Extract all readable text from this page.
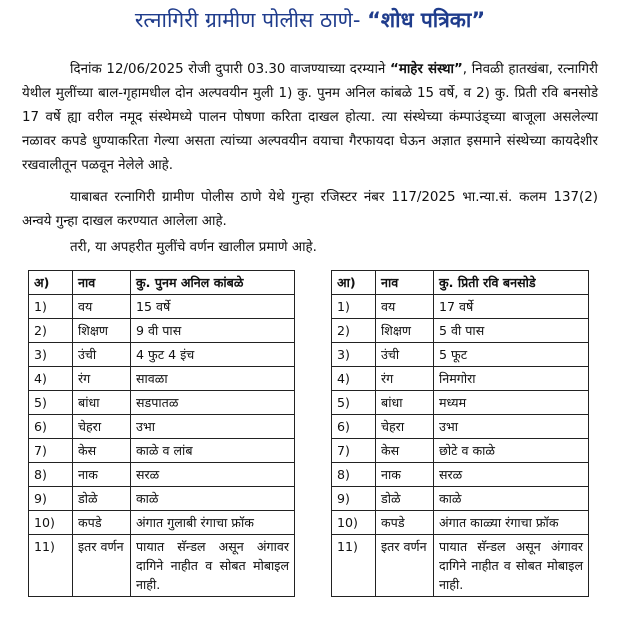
रत्नागिरी ग्रामीण पोलीस ठाणे- “शोध पत्रिका”

दिनांक 12/06/2025 रोजी दुपारी 03.30 वाजण्याच्या दरम्याने “माहेर संस्था”, निवळी हातखंबा, रत्नागिरी येथील मुलींच्या बाल-गृहामधील दोन अल्पवयीन मुली 1) कु. पुनम अनिल कांबळे 15 वर्षे, व 2) कु. प्रिती रवि बनसोडे 17 वर्षे ह्या वरील नमूद संस्थेमध्ये पालन पोषणा करिता दाखल होत्या. त्या संस्थेच्या कंम्पाउंड्च्या बाजूला असलेल्या नळावर कपडे धुण्याकरिता गेल्या असता त्यांच्या अल्पवयीन वयाचा गैरफायदा घेऊन अज्ञात इसमाने संस्थेच्या कायदेशीर रखवालीतून पळवून नेलेले आहे.

याबाबत रत्नागिरी ग्रामीण पोलीस ठाणे येथे गुन्हा रजिस्टर नंबर 117/2025 भा.न्या.सं. कलम 137(2) अन्वये गुन्हा दाखल करण्यात आलेला आहे.

तरी, या अपहरीत मुलींचे वर्णन खालील प्रमाणे आहे.

अ)	नाव	कु. पुनम अनिल कांबळे
1)	वय	15 वर्षे
2)	शिक्षण	9 वी पास
3)	उंची	4 फुट 4 इंच
4)	रंग	सावळा
5)	बांधा	सडपातळ
6)	चेहरा	उभा
7)	केस	काळे व लांब
8)	नाक	सरळ
9)	डोळे	काळे
10)	कपडे	अंगात गुलाबी रंगाचा फ्रॉक
11)	इतर वर्णन	पायात सॅन्डल असून अंगावर दागिने नाहीत व सोबत मोबाइल नाही.
आ)	नाव	कु. प्रिती रवि बनसोडे
1)	वय	17 वर्षे
2)	शिक्षण	5 वी पास
3)	उंची	5 फूट
4)	रंग	निमगोरा
5)	बांधा	मध्यम
6)	चेहरा	उभा
7)	केस	छोटे व काळे
8)	नाक	सरळ
9)	डोळे	काळे
10)	कपडे	अंगात काळ्या रंगाचा फ्रॉक
11)	इतर वर्णन	पायात सॅन्डल असून अंगावर दागिने नाहीत व सोबत मोबाइल नाही.
